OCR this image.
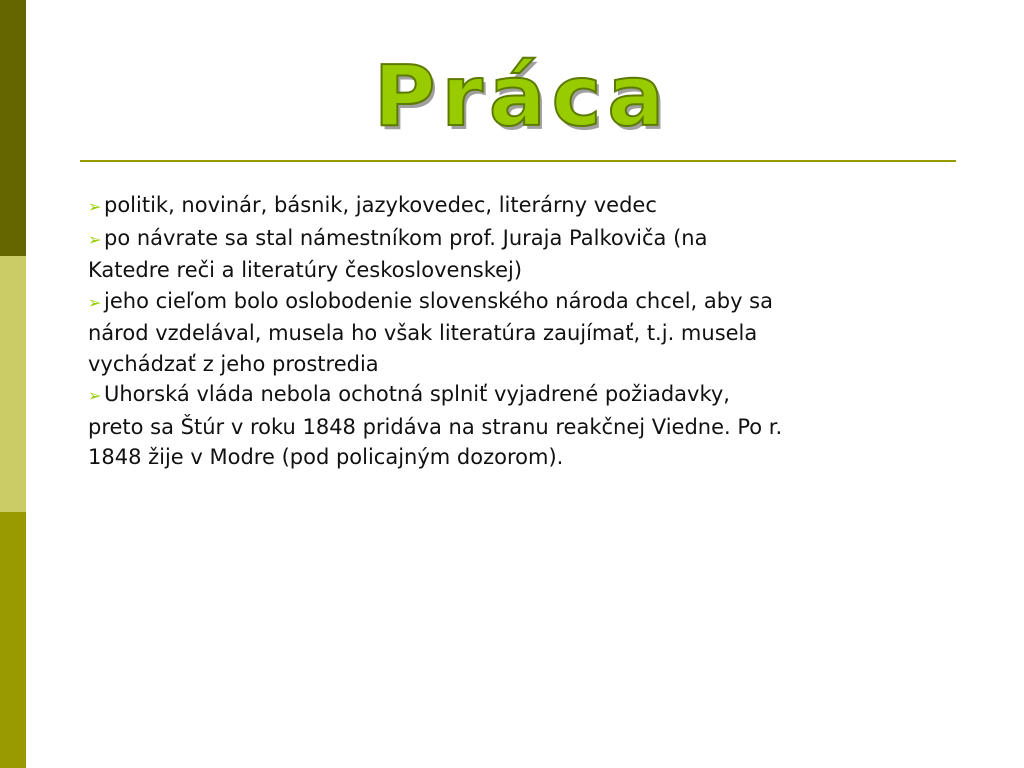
Práca

➢ politik, novinár, básnik, jazykovedec, literárny vedec

➢ po návrate sa stal námestníkom prof. Juraja Palkoviča (na Katedre reči a literatúry československej)

➢ jeho cieľom bolo oslobodenie slovenského národa chcel, aby sa národ vzdelával, musela ho však literatúra zaujímať, t.j. musela vychádzať z jeho prostredia

➢ Uhorská vláda nebola ochotná splniť vyjadrené požiadavky, preto sa Štúr v roku 1848 pridáva na stranu reakčnej Viedne. Po r. 1848 žije v Modre (pod policajným dozorom).
